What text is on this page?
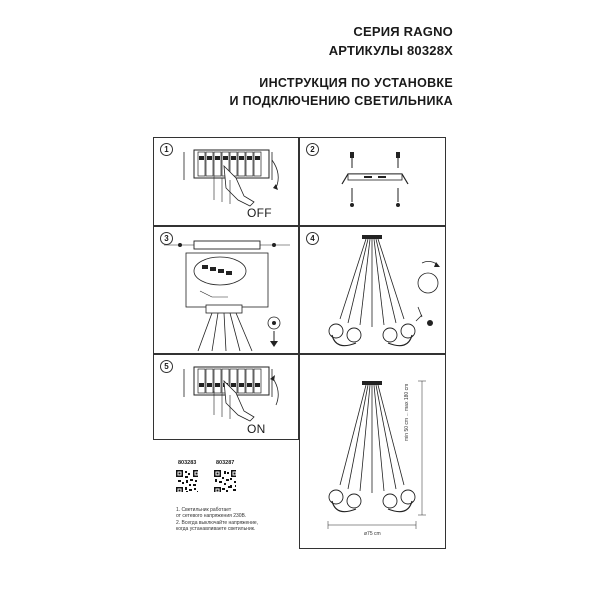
СЕРИЯ RAGNO
АРТИКУЛЫ 80328X
ИНСТРУКЦИЯ ПО УСТАНОВКЕ
И ПОДКЛЮЧЕНИЮ СВЕТИЛЬНИКА
1
OFF
2
3	4
5
ON	min 50 cm ... max 180 cm
ø75 cm
803283	803287
1. Светильник работает
от сетевого напряжения 230В.
2. Всегда выключайте напряжение,
когда устанавливаете светильник.
